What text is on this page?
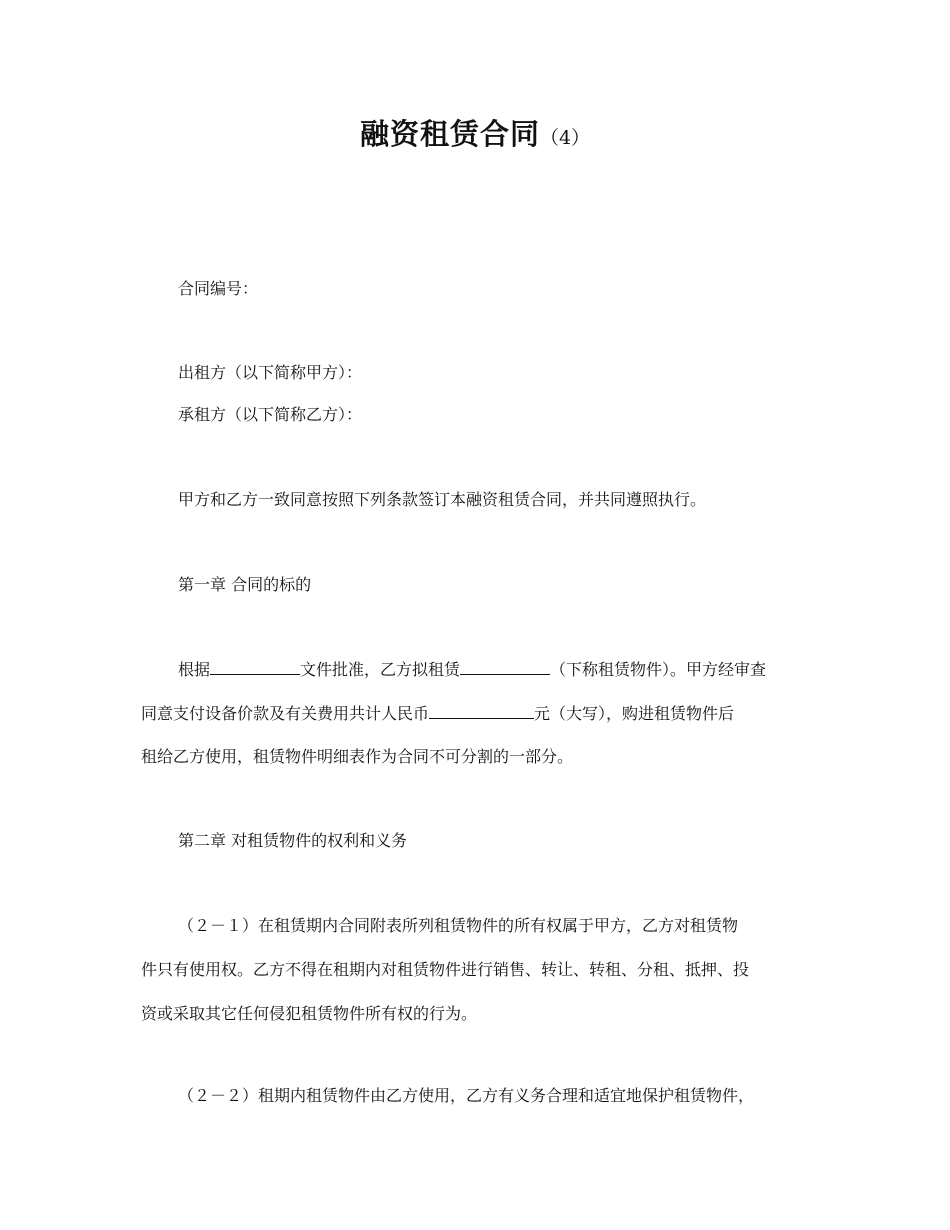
融资租赁合同（4）
合同编号：
出租方（以下简称甲方）：
承租方（以下简称乙方）：
甲方和乙方一致同意按照下列条款签订本融资租赁合同，并共同遵照执行。
第一章 合同的标的
根据	文件批准，乙方拟租赁	（下称租赁物件）。甲方经审查
同意支付设备价款及有关费用共计人民币	元（大写），购进租赁物件后
租给乙方使用，租赁物件明细表作为合同不可分割的一部分。
第二章 对租赁物件的权利和义务
（２－１）在租赁期内合同附表所列租赁物件的所有权属于甲方，乙方对租赁物
件只有使用权。乙方不得在租期内对租赁物件进行销售、转让、转租、分租、抵押、投
资或采取其它任何侵犯租赁物件所有权的行为。
（２－２）租期内租赁物件由乙方使用，乙方有义务合理和适宜地保护租赁物件，
